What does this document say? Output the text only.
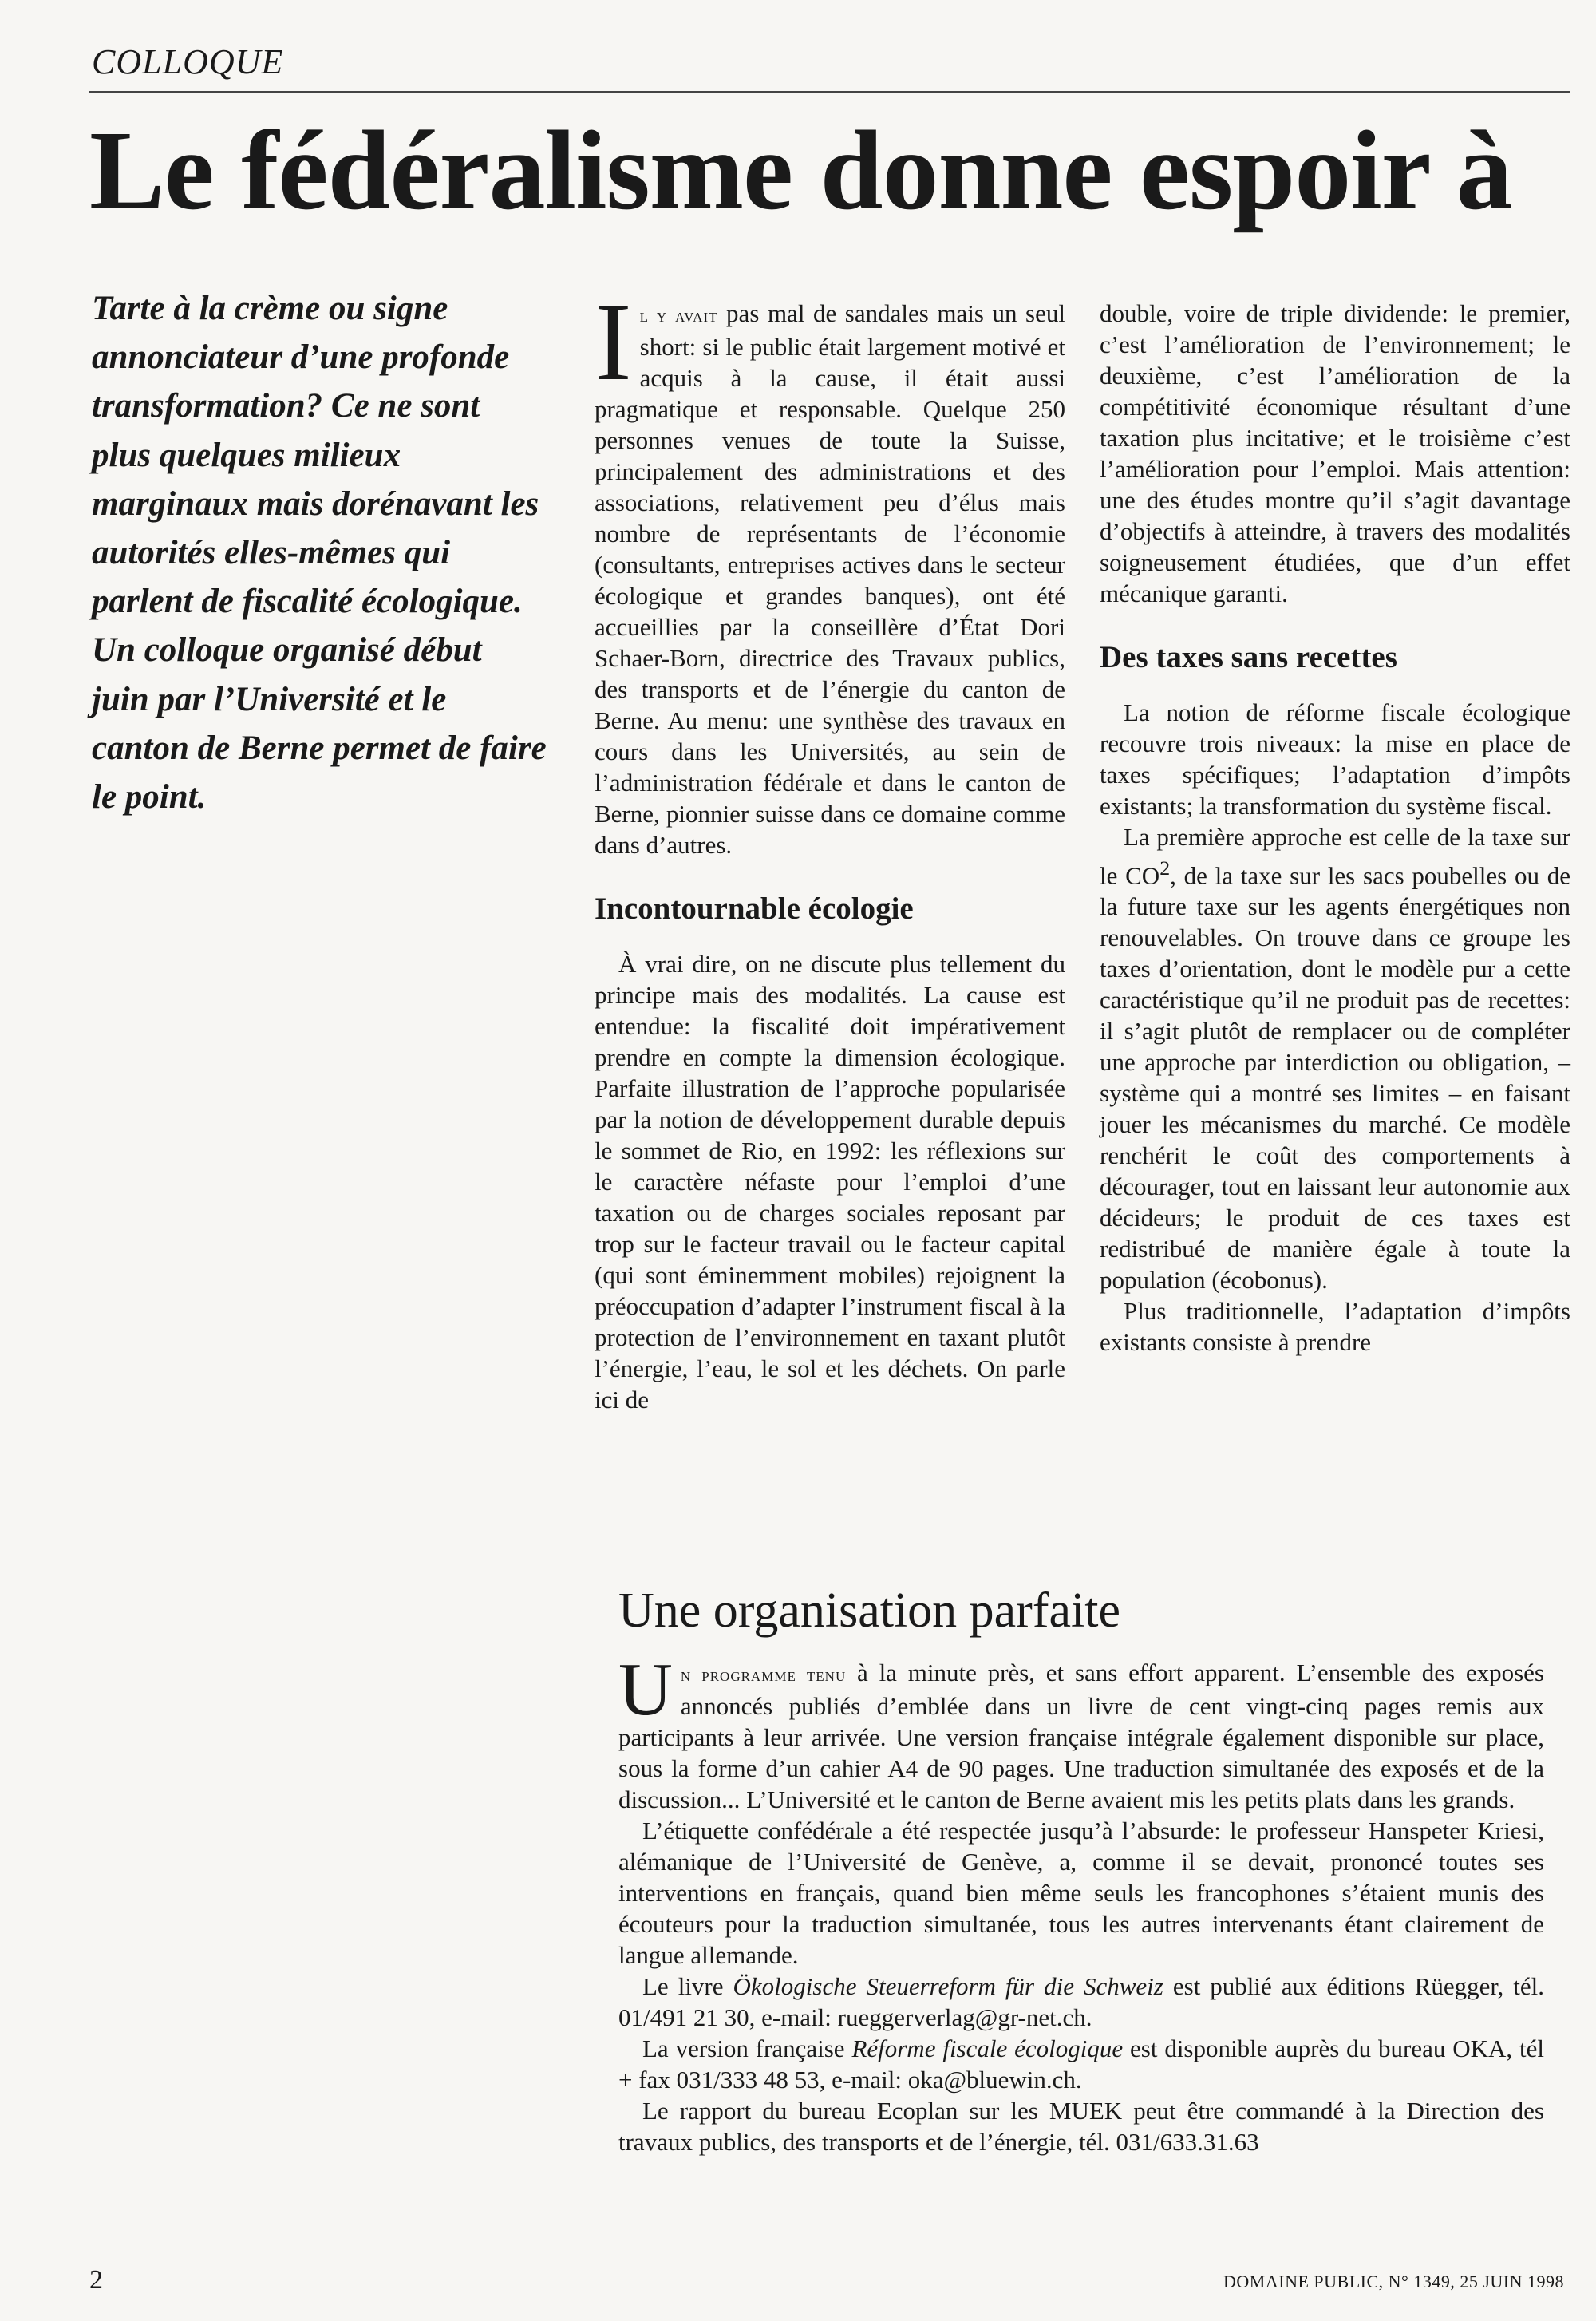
COLLOQUE
Le fédéralisme donne espoir à

Tarte à la crème ou signe annonciateur d’une profonde transformation? Ce ne sont plus quelques milieux marginaux mais dorénavant les autorités elles-mêmes qui parlent de fiscalité écologique.

Un colloque organisé début juin par l’Université et le canton de Berne permet de faire le point.

Il y avait pas mal de sandales mais un seul short: si le public était largement motivé et acquis à la cause, il était aussi pragmatique et responsable. Quelque 250 personnes venues de toute la Suisse, principalement des administrations et des associations, relativement peu d’élus mais nombre de représentants de l’économie (consultants, entreprises actives dans le secteur écologique et grandes banques), ont été accueillies par la conseillère d’État Dori Schaer-Born, directrice des Travaux publics, des transports et de l’énergie du canton de Berne. Au menu: une synthèse des travaux en cours dans les Universités, au sein de l’administration fédérale et dans le canton de Berne, pionnier suisse dans ce domaine comme dans d’autres.

Incontournable écologie

À vrai dire, on ne discute plus tellement du principe mais des modalités. La cause est entendue: la fiscalité doit impérativement prendre en compte la dimension écologique. Parfaite illustration de l’approche popularisée par la notion de développement durable depuis le sommet de Rio, en 1992: les réflexions sur le caractère néfaste pour l’emploi d’une taxation ou de charges sociales reposant par trop sur le facteur travail ou le facteur capital (qui sont éminemment mobiles) rejoignent la préoccupation d’adapter l’instrument fiscal à la protection de l’environnement en taxant plutôt l’énergie, l’eau, le sol et les déchets. On parle ici de

double, voire de triple dividende: le premier, c’est l’amélioration de l’environnement; le deuxième, c’est l’amélioration de la compétitivité économique résultant d’une taxation plus incitative; et le troisième c’est l’amélioration pour l’emploi. Mais attention: une des études montre qu’il s’agit davantage d’objectifs à atteindre, à travers des modalités soigneusement étudiées, que d’un effet mécanique garanti.

Des taxes sans recettes

La notion de réforme fiscale écologique recouvre trois niveaux: la mise en place de taxes spécifiques; l’adaptation d’impôts existants; la transformation du système fiscal.

La première approche est celle de la taxe sur le $CO^2$, de la taxe sur les sacs poubelles ou de la future taxe sur les agents énergétiques non renouvelables. On trouve dans ce groupe les taxes d’orientation, dont le modèle pur a cette caractéristique qu’il ne produit pas de recettes: il s’agit plutôt de remplacer ou de compléter une approche par interdiction ou obligation, – système qui a montré ses limites – en faisant jouer les mécanismes du marché. Ce modèle renchérit le coût des comportements à décourager, tout en laissant leur autonomie aux décideurs; le produit de ces taxes est redistribué de manière égale à toute la population (écobonus).

Plus traditionnelle, l’adaptation d’impôts existants consiste à prendre

Une organisation parfaite

Un programme tenu à la minute près, et sans effort apparent. L’ensemble des exposés annoncés publiés d’emblée dans un livre de cent vingt-cinq pages remis aux participants à leur arrivée. Une version française intégrale également disponible sur place, sous la forme d’un cahier A4 de 90 pages. Une traduction simultanée des exposés et de la discussion... L’Université et le canton de Berne avaient mis les petits plats dans les grands.

L’étiquette confédérale a été respectée jusqu’à l’absurde: le professeur Hanspeter Kriesi, alémanique de l’Université de Genève, a, comme il se devait, prononcé toutes ses interventions en français, quand bien même seuls les francophones s’étaient munis des écouteurs pour la traduction simultanée, tous les autres intervenants étant clairement de langue allemande.

Le livre Ökologische Steuerreform für die Schweiz est publié aux éditions Rüegger, tél. 01/491 21 30, e-mail: rueggerverlag@gr-net.ch.

La version française Réforme fiscale écologique est disponible auprès du bureau OKA, tél + fax 031/333 48 53, e-mail: oka@bluewin.ch.

Le rapport du bureau Ecoplan sur les MUEK peut être commandé à la Direction des travaux publics, des transports et de l’énergie, tél. 031/633.31.63

2	DOMAINE PUBLIC, N° 1349, 25 JUIN 1998
